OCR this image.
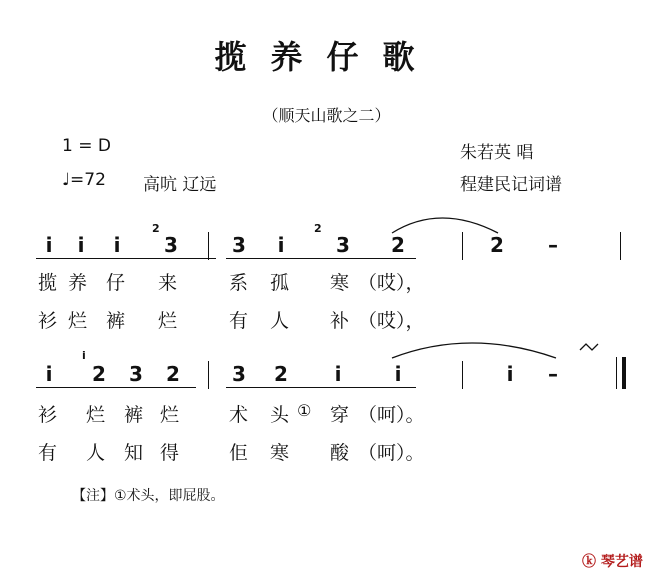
揽养仔歌
（顺天山歌之二）
1 = D
♩=72 高吭 辽远
朱若英 唱
程建民记词谱
i	i	i
2
3	3	i
2
3	2	2	–
揽 养 仔 来	系 孤 寒 （哎），
衫 烂 裤 烂	有 人 补 （哎），
i
i
2	3	2	3	2	i	i	i	–
衫 烂 裤 烂	术 头 ① 穿 （呵）。
有 人 知 得	佢 寒 酸 （呵）。
【注】①术头，即屁股。
ⓚ 琴艺谱
